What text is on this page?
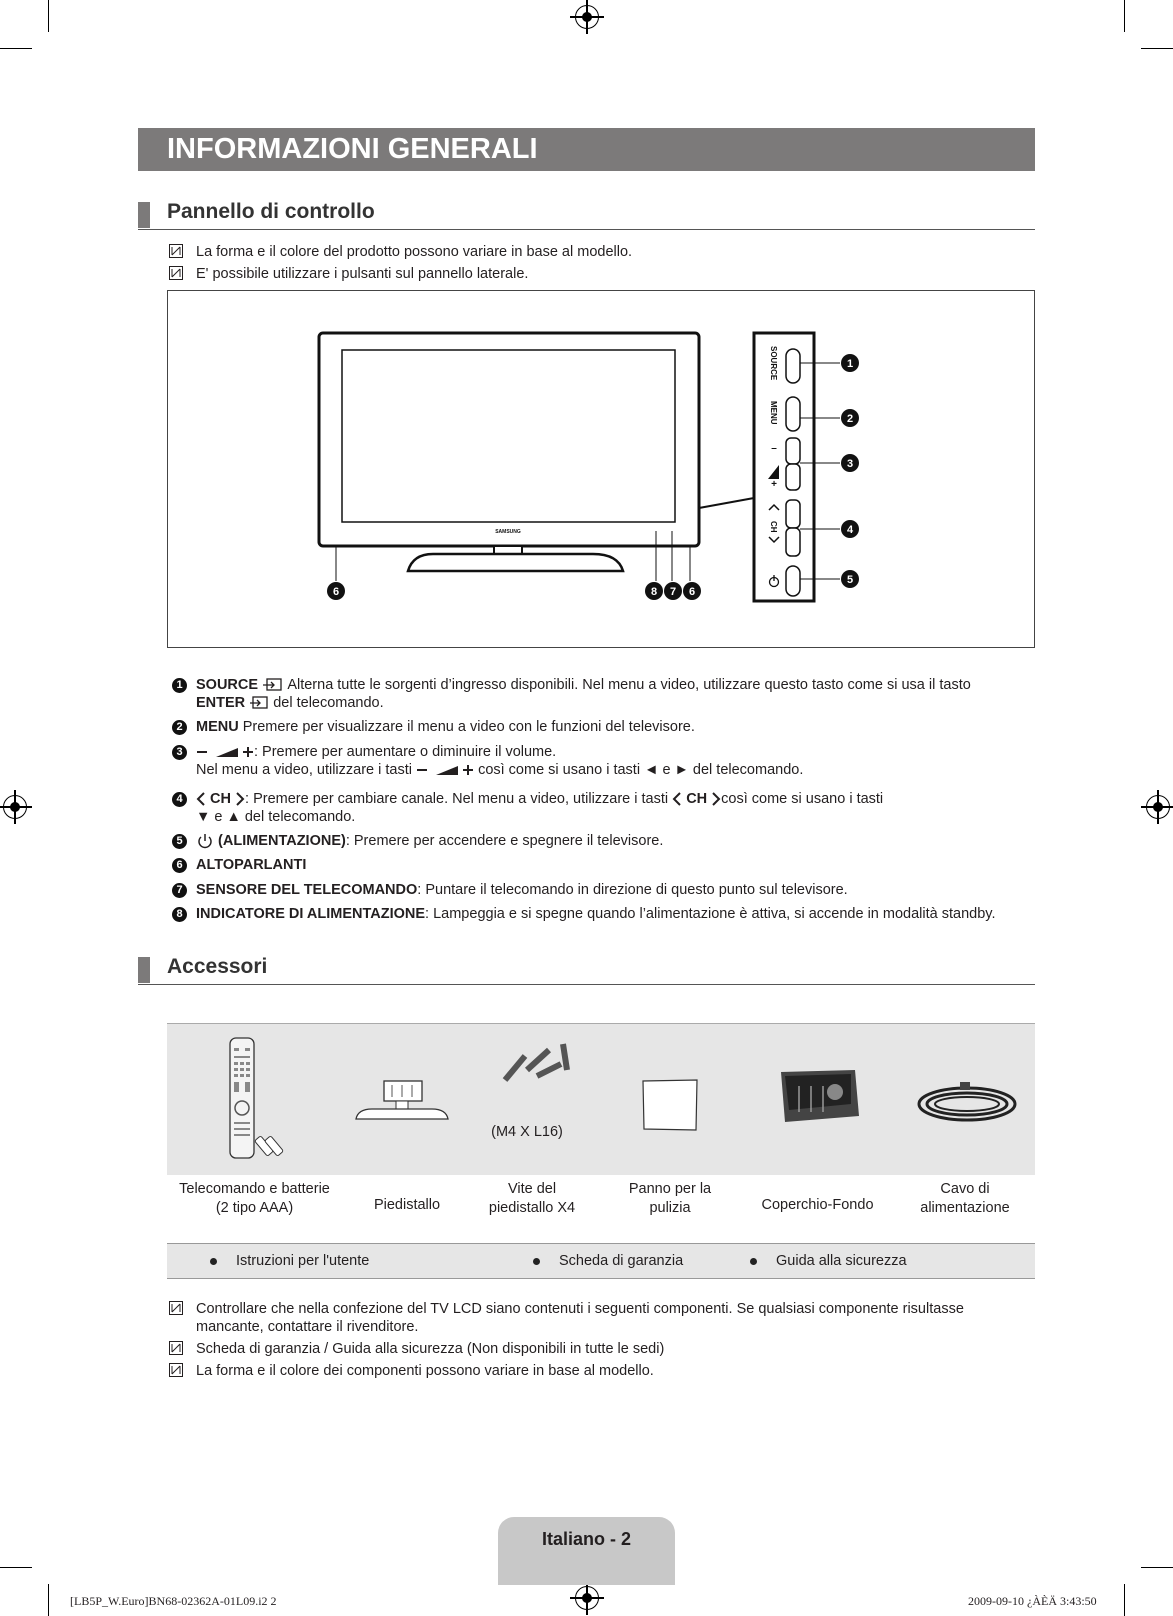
INFORMAZIONI GENERALI
Pannello di controllo
La forma e il colore del prodotto possono variare in base al modello.
E' possibile utilizzare i pulsanti sul pannello laterale.
SAMSUNG
SOURCE
MENU
–
+
CH
1
2
3
4
5
6	8 7 6
1 SOURCE Alterna tutte le sorgenti d’ingresso disponibili. Nel menu a video, utilizzare questo tasto come si usa il tasto
ENTER del telecomando.
2 MENU Premere per visualizzare il menu a video con le funzioni del televisore.
3	: Premere per aumentare o diminuire il volume.
Nel menu a video, utilizzare i tasti	così come si usano i tasti ◄ e ► del telecomando.
4	CH : Premere per cambiare canale. Nel menu a video, utilizzare i tasti CH così come si usano i tasti
▼ e ▲ del telecomando.
5	(ALIMENTAZIONE): Premere per accendere e spegnere il televisore.
6 ALTOPARLANTI
7 SENSORE DEL TELECOMANDO: Puntare il telecomando in direzione di questo punto sul televisore.
8 INDICATORE DI ALIMENTAZIONE: Lampeggia e si spegne quando l’alimentazione è attiva, si accende in modalità standby.
Accessori
(M4 X L16)
Telecomando e batterie
(2 tipo AAA)	Piedistallo
Vite del
piedistallo X4
Panno per la
pulizia	Coperchio-Fondo
Cavo di
alimentazione
Istruzioni per l'utente	Scheda di garanzia	Guida alla sicurezza
Controllare che nella confezione del TV LCD siano contenuti i seguenti componenti. Se qualsiasi componente risultasse mancante, contattare il rivenditore.
Scheda di garanzia / Guida alla sicurezza (Non disponibili in tutte le sedi)
La forma e il colore dei componenti possono variare in base al modello.
Italiano - 2
[LB5P_W.Euro]BN68-02362A-01L09.i2 2	2009-09-10 ¿ÀÈÄ 3:43:50
